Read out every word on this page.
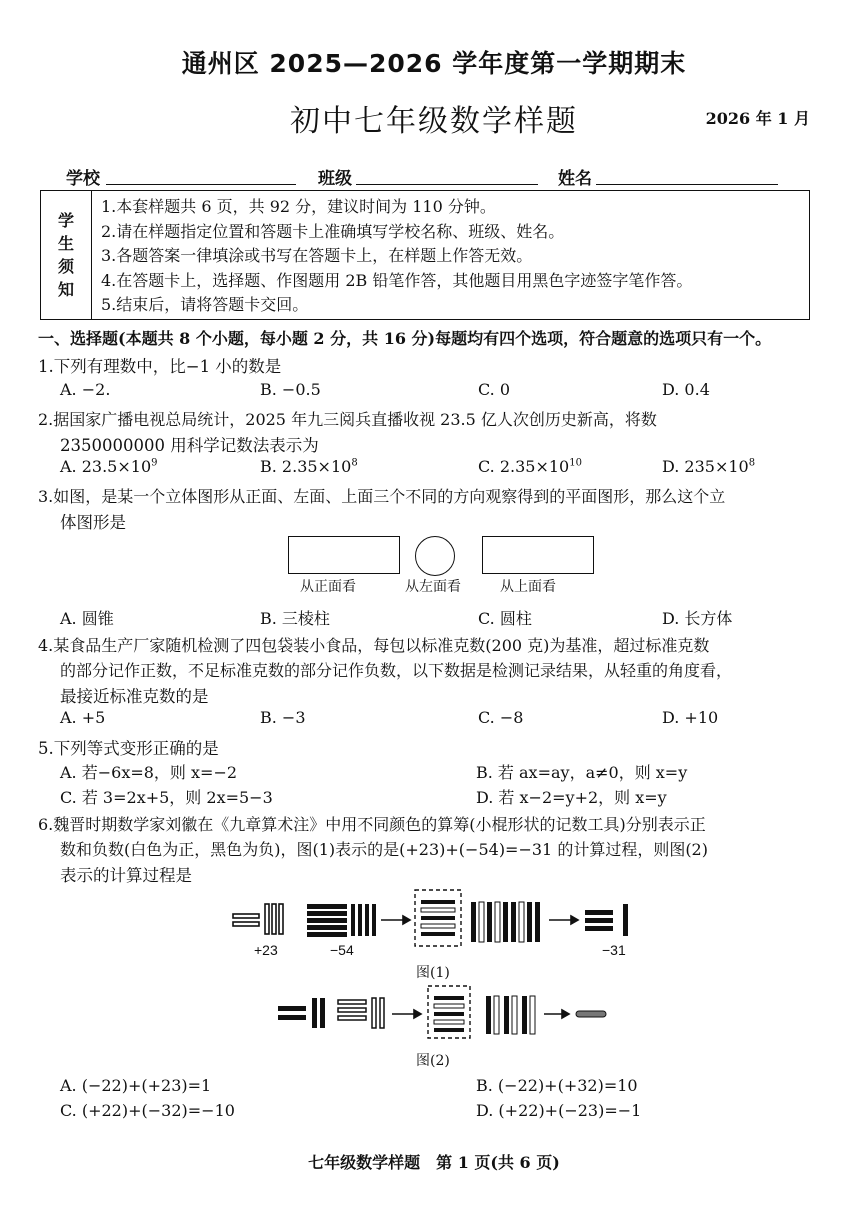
通州区 2025—2026 学年度第一学期期末
初中七年级数学样题	2026 年 1 月
学校	班级	姓名
学
生
须
知
1.本套样题共 6 页，共 92 分，建议时间为 110 分钟。
2.请在样题指定位置和答题卡上准确填写学校名称、班级、姓名。
3.各题答案一律填涂或书写在答题卡上，在样题上作答无效。
4.在答题卡上，选择题、作图题用 2B 铅笔作答，其他题目用黑色字迹签字笔作答。
5.结束后，请将答题卡交回。
一、选择题(本题共 8 个小题，每小题 2 分，共 16 分)每题均有四个选项，符合题意的选项只有一个。
1.下列有理数中，比−1 小的数是
A. −2.	B. −0.5	C. 0	D. 0.4
2.据国家广播电视总局统计，2025 年九三阅兵直播收视 23.5 亿人次创历史新高，将数
2350000000 用科学记数法表示为
A. $23.5\times 10^9$	B. $2.35\times 10^8$	C. $2.35\times 10^{10}$	D. $235\times 10^8$
3.如图，是某一个立体图形从正面、左面、上面三个不同的方向观察得到的平面图形，那么这个立
体图形是
从正面看	从左面看	从上面看
A. 圆锥	B. 三棱柱	C. 圆柱	D. 长方体
4.某食品生产厂家随机检测了四包袋装小食品，每包以标准克数(200 克)为基准，超过标准克数
的部分记作正数，不足标准克数的部分记作负数，以下数据是检测记录结果，从轻重的角度看，
最接近标准克数的是
A. +5	B. −3	C. −8	D. +10
5.下列等式变形正确的是
A. 若−6x=8，则 x=−2	B. 若 ax=ay，a≠0，则 x=y
C. 若 3=2x+5，则 2x=5−3	D. 若 x−2=y+2，则 x=y
6.魏晋时期数学家刘徽在《九章算术注》中用不同颜色的算筹(小棍形状的记数工具)分别表示正
数和负数(白色为正，黑色为负)，图(1)表示的是(+23)+(−54)=−31 的计算过程，则图(2)
表示的计算过程是
+23	−54	−31
图(1)
图(2)
A. (−22)+(+23)=1	B. (−22)+(+32)=10
C. (+22)+(−32)=−10	D. (+22)+(−23)=−1
七年级数学样题　第 1 页(共 6 页)
